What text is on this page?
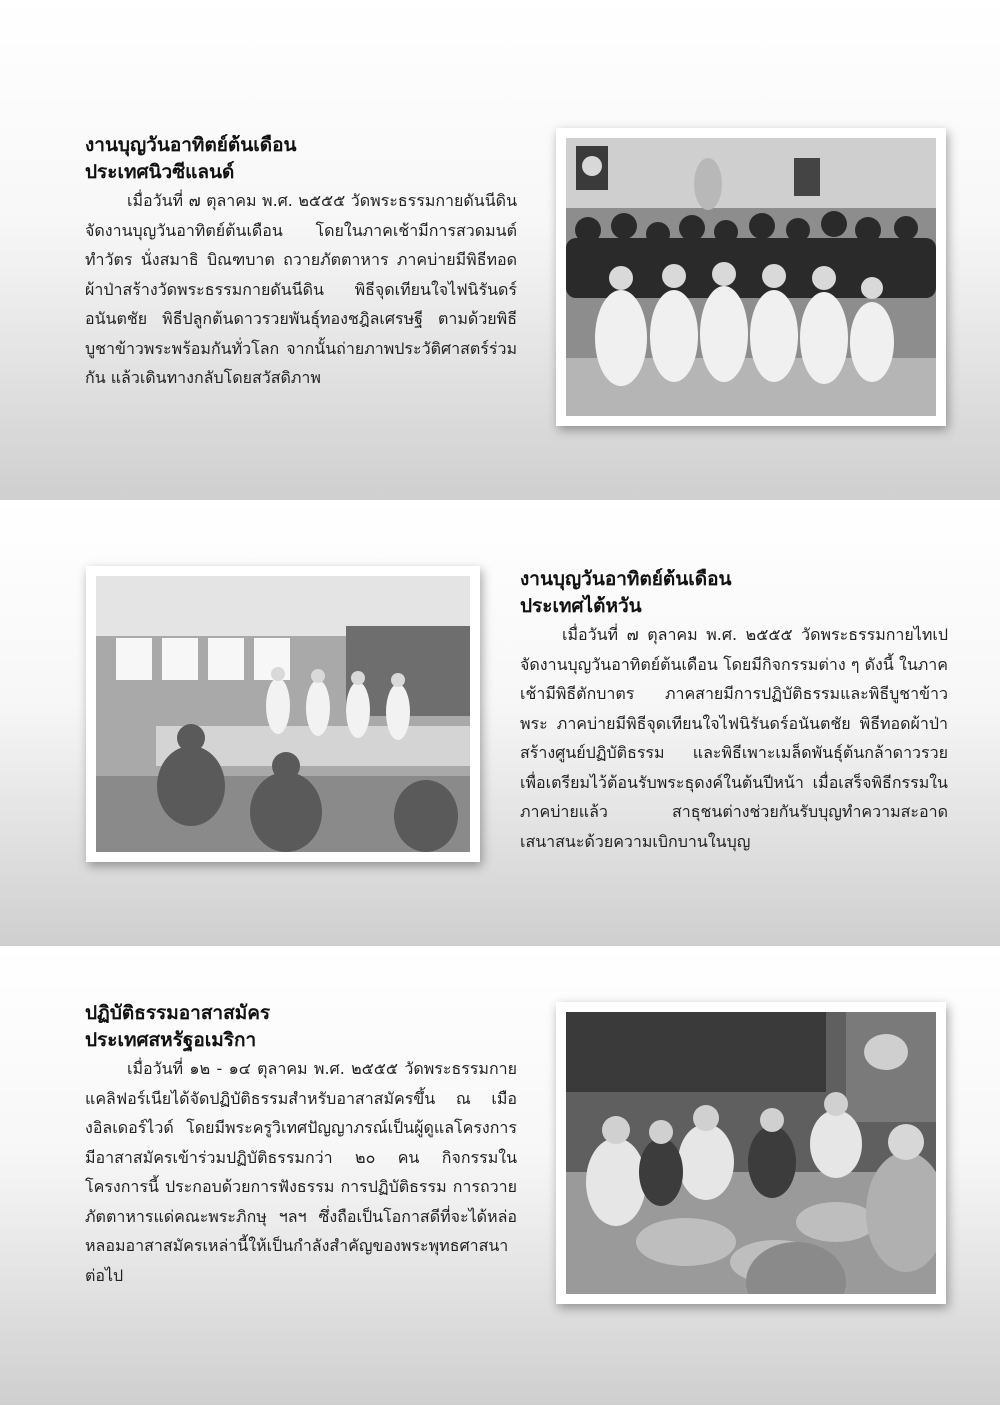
งานบุญวันอาทิตย์ต้นเดือน
ประเทศนิวซีแลนด์

เมื่อวันที่ ๗ ตุลาคม พ.ศ. ๒๕๕๕ วัดพระธรรมกายดันนีดินจัดงานบุญวันอาทิตย์ต้นเดือน โดยในภาคเช้ามีการสวดมนต์ทำวัตร นั่งสมาธิ บิณฑบาต ถวายภัตตาหาร ภาคบ่ายมีพิธีทอดผ้าป่าสร้างวัดพระธรรมกายดันนีดิน พิธีจุดเทียนใจไฟนิรันดร์อนันตชัย พิธีปลูกต้นดาวรวยพันธุ์ทองชฎิลเศรษฐี ตามด้วยพิธีบูชาข้าวพระพร้อมกันทั่วโลก จากนั้นถ่ายภาพประวัติศาสตร์ร่วมกัน แล้วเดินทางกลับโดยสวัสดิภาพ

งานบุญวันอาทิตย์ต้นเดือน
ประเทศไต้หวัน

เมื่อวันที่ ๗ ตุลาคม พ.ศ. ๒๕๕๕ วัดพระธรรมกายไทเปจัดงานบุญวันอาทิตย์ต้นเดือน โดยมีกิจกรรมต่าง ๆ ดังนี้ ในภาคเช้ามีพิธีตักบาตร ภาคสายมีการปฏิบัติธรรมและพิธีบูชาข้าวพระ ภาคบ่ายมีพิธีจุดเทียนใจไฟนิรันดร์อนันตชัย พิธีทอดผ้าป่าสร้างศูนย์ปฏิบัติธรรม และพิธีเพาะเมล็ดพันธุ์ต้นกล้าดาวรวย เพื่อเตรียมไว้ต้อนรับพระธุดงค์ในต้นปีหน้า เมื่อเสร็จพิธีกรรมในภาคบ่ายแล้ว สาธุชนต่างช่วยกันรับบุญทำความสะอาดเสนาสนะด้วยความเบิกบานในบุญ

ปฏิบัติธรรมอาสาสมัคร
ประเทศสหรัฐอเมริกา

เมื่อวันที่ ๑๒ - ๑๔ ตุลาคม พ.ศ. ๒๕๕๕ วัดพระธรรมกายแคลิฟอร์เนียได้จัดปฏิบัติธรรมสำหรับอาสาสมัครขึ้น ณ เมืองอิลเดอร์ไวด์ โดยมีพระครูวิเทศปัญญาภรณ์เป็นผู้ดูแลโครงการ มีอาสาสมัครเข้าร่วมปฏิบัติธรรมกว่า ๒๐ คน กิจกรรมในโครงการนี้ ประกอบด้วยการฟังธรรม การปฏิบัติธรรม การถวายภัตตาหารแด่คณะพระภิกษุ ฯลฯ ซึ่งถือเป็นโอกาสดีที่จะได้หล่อหลอมอาสาสมัครเหล่านี้ให้เป็นกำลังสำคัญของพระพุทธศาสนาต่อไป
